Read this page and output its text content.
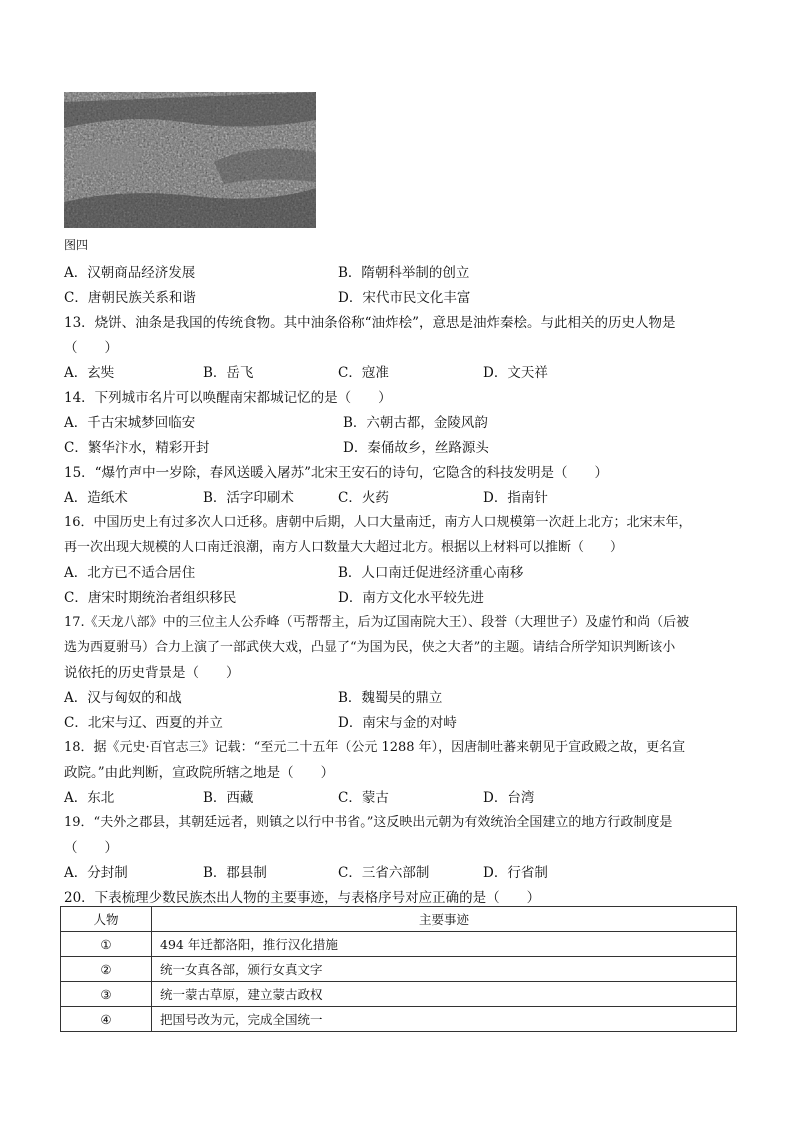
图四
A．汉朝商品经济发展	B．隋朝科举制的创立
C．唐朝民族关系和谐	D．宋代市民文化丰富
13．烧饼、油条是我国的传统食物。其中油条俗称“油炸桧”，意思是油炸秦桧。与此相关的历史人物是
（　　）
A．玄奘	B．岳飞	C．寇准	D．文天祥
14．下列城市名片可以唤醒南宋都城记忆的是（　　）
A．千古宋城梦回临安	B．六朝古都，金陵风韵
C．繁华汴水，精彩开封	D．秦俑故乡，丝路源头
15．“爆竹声中一岁除，春风送暖入屠苏”北宋王安石的诗句，它隐含的科技发明是（　　）
A．造纸术	B．活字印刷术	C．火药	D．指南针
16．中国历史上有过多次人口迁移。唐朝中后期，人口大量南迁，南方人口规模第一次赶上北方；北宋末年，
再一次出现大规模的人口南迁浪潮，南方人口数量大大超过北方。根据以上材料可以推断（　　）
A．北方已不适合居住	B．人口南迁促进经济重心南移
C．唐宋时期统治者组织移民	D．南方文化水平较先进
17.《天龙八部》中的三位主人公乔峰（丐帮帮主，后为辽国南院大王）、段誉（大理世子）及虚竹和尚（后被
选为西夏驸马）合力上演了一部武侠大戏，凸显了“为国为民，侠之大者”的主题。请结合所学知识判断该小
说依托的历史背景是（　　）
A．汉与匈奴的和战	B．魏蜀吴的鼎立
C．北宋与辽、西夏的并立	D．南宋与金的对峙
18．据《元史·百官志三》记载：“至元二十五年（公元 1288 年），因唐制吐蕃来朝见于宣政殿之故，更名宣
政院。”由此判断，宣政院所辖之地是（　　）
A．东北	B．西藏	C．蒙古	D．台湾
19．“夫外之郡县，其朝廷远者，则镇之以行中书省。”这反映出元朝为有效统治全国建立的地方行政制度是
（　　）
A．分封制	B．郡县制	C．三省六部制	D．行省制
20．下表梳理少数民族杰出人物的主要事迹，与表格序号对应正确的是（　　）
人物	主要事迹
①	494 年迁都洛阳，推行汉化措施
②	统一女真各部，颁行女真文字
③	统一蒙古草原，建立蒙古政权
④	把国号改为元，完成全国统一
